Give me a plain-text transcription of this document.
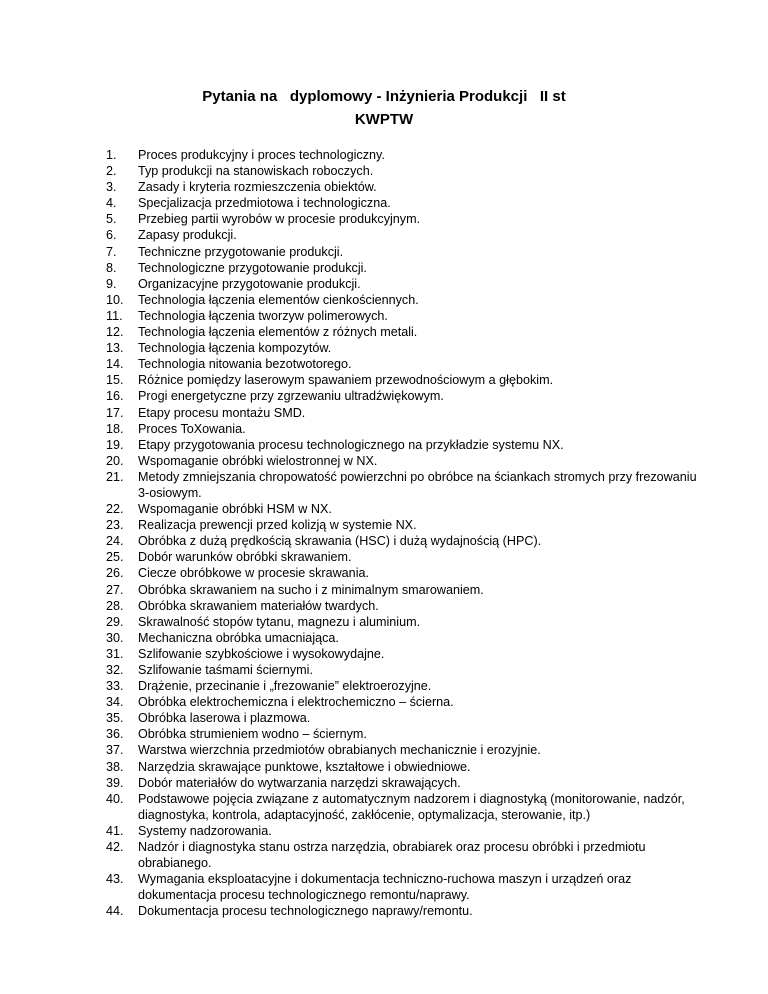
Pytania na   dyplomowy - Inżynieria Produkcji   II st
KWPTW
1. Proces produkcyjny i proces technologiczny.
2. Typ produkcji na stanowiskach roboczych.
3. Zasady i kryteria rozmieszczenia obiektów.
4. Specjalizacja przedmiotowa i technologiczna.
5. Przebieg partii wyrobów w procesie produkcyjnym.
6. Zapasy produkcji.
7. Techniczne przygotowanie produkcji.
8. Technologiczne przygotowanie produkcji.
9. Organizacyjne przygotowanie produkcji.
10. Technologia łączenia elementów cienkościennych.
11. Technologia łączenia tworzyw polimerowych.
12. Technologia łączenia elementów z różnych metali.
13. Technologia łączenia kompozytów.
14. Technologia nitowania bezotwotorego.
15. Różnice pomiędzy laserowym spawaniem przewodnościowym a głębokim.
16. Progi energetyczne przy zgrzewaniu ultradźwiękowym.
17. Etapy procesu montażu SMD.
18. Proces ToXowania.
19. Etapy przygotowania procesu technologicznego na przykładzie systemu NX.
20. Wspomaganie obróbki wielostronnej w NX.
21. Metody zmniejszania chropowatość powierzchni po obróbce na ściankach stromych przy frezowaniu 3-osiowym.
22. Wspomaganie obróbki HSM w NX.
23. Realizacja prewencji przed kolizją w systemie NX.
24. Obróbka z dużą prędkością skrawania (HSC) i dużą wydajnością (HPC).
25. Dobór warunków obróbki skrawaniem.
26. Ciecze obróbkowe w procesie skrawania.
27. Obróbka skrawaniem na sucho i z minimalnym smarowaniem.
28. Obróbka skrawaniem materiałów twardych.
29. Skrawalność stopów tytanu, magnezu i aluminium.
30. Mechaniczna obróbka umacniająca.
31. Szlifowanie szybkościowe i wysokowydajne.
32. Szlifowanie taśmami ściernymi.
33. Drążenie, przecinanie i „frezowanie” elektroerozyjne.
34. Obróbka elektrochemiczna i elektrochemiczno – ścierna.
35. Obróbka laserowa i plazmowa.
36. Obróbka strumieniem wodno – ściernym.
37. Warstwa wierzchnia przedmiotów obrabianych mechanicznie i erozyjnie.
38. Narzędzia skrawające punktowe, kształtowe i obwiedniowe.
39. Dobór materiałów do wytwarzania narzędzi skrawających.
40. Podstawowe pojęcia związane z automatycznym nadzorem i diagnostyką (monitorowanie, nadzór, diagnostyka, kontrola, adaptacyjność, zakłócenie, optymalizacja, sterowanie, itp.)
41. Systemy nadzorowania.
42. Nadzór i diagnostyka stanu ostrza narzędzia, obrabiarek oraz procesu obróbki i przedmiotu obrabianego.
43. Wymagania eksploatacyjne i dokumentacja techniczno-ruchowa maszyn i urządzeń oraz dokumentacja procesu technologicznego remontu/naprawy.
44. Dokumentacja procesu technologicznego naprawy/remontu.
